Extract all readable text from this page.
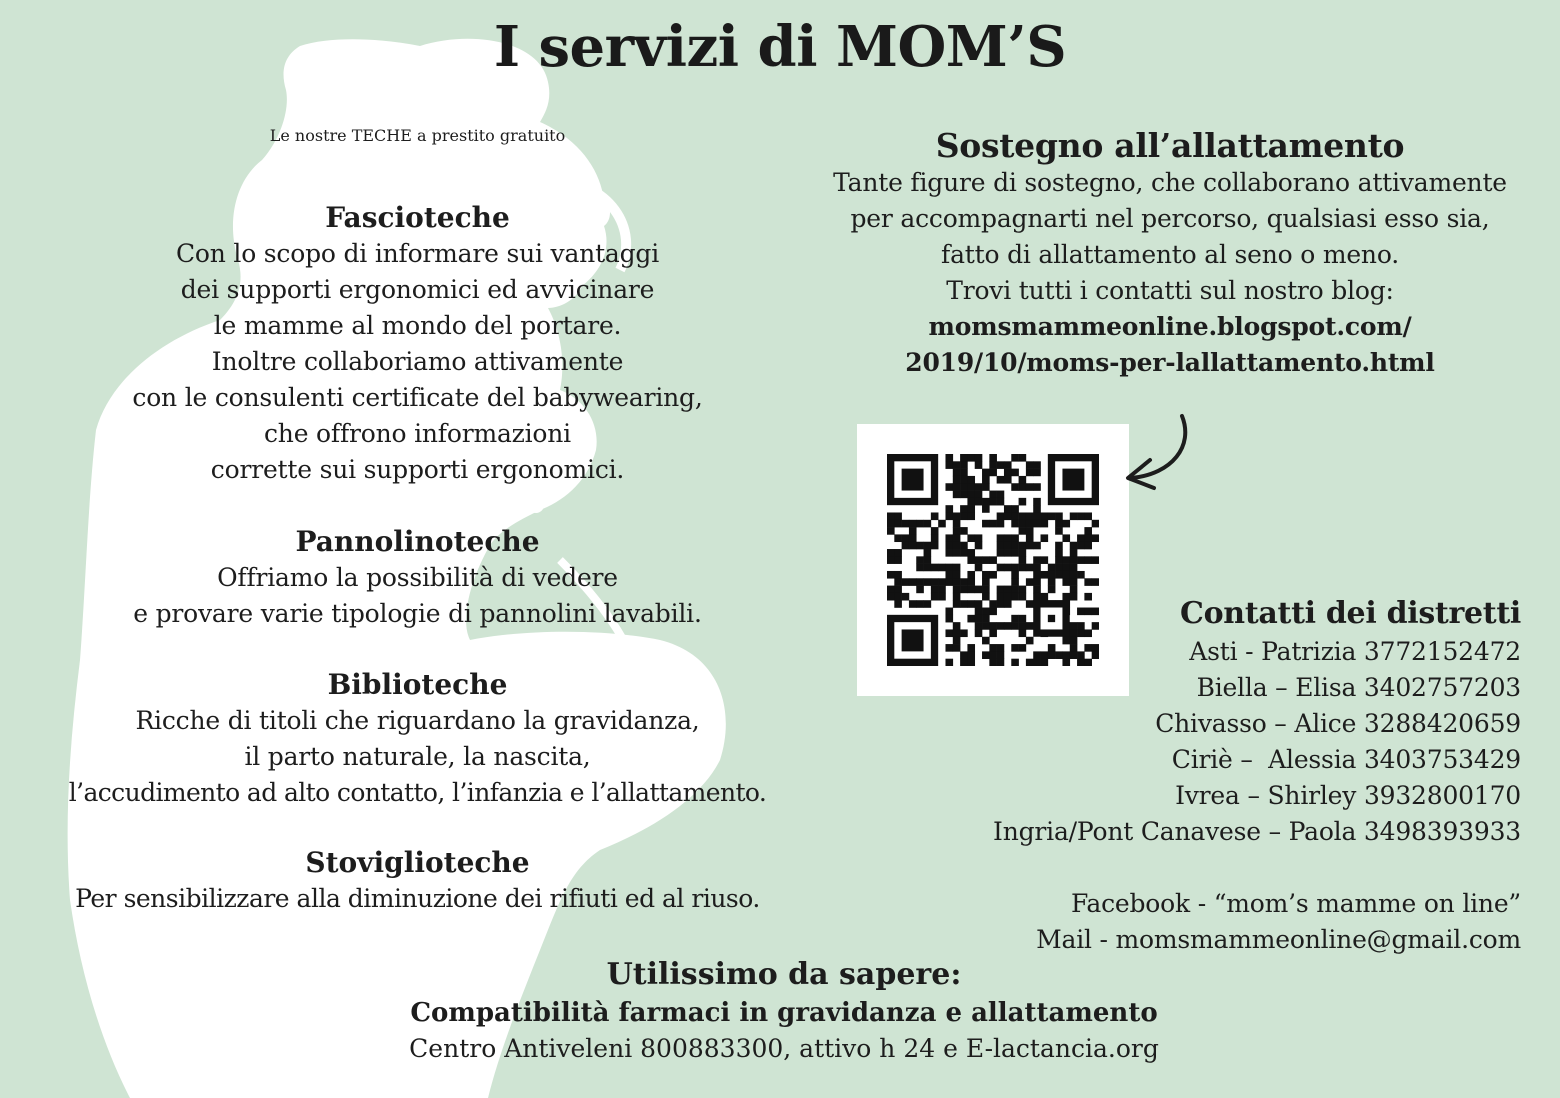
I servizi di MOM’S
Le nostre TECHE a prestito gratuito
Fascioteche
Con lo scopo di informare sui vantaggi
dei supporti ergonomici ed avvicinare
le mamme al mondo del portare.
Inoltre collaboriamo attivamente
con le consulenti certificate del babywearing,
che offrono informazioni
corrette sui supporti ergonomici.
Pannolinoteche
Offriamo la possibilità di vedere
e provare varie tipologie di pannolini lavabili.
Biblioteche
Ricche di titoli che riguardano la gravidanza,
il parto naturale, la nascita,
l’accudimento ad alto contatto, l’infanzia e l’allattamento.
Stoviglioteche
Per sensibilizzare alla diminuzione dei rifiuti ed al riuso.
Sostegno all’allattamento
Tante figure di sostegno, che collaborano attivamente
per accompagnarti nel percorso, qualsiasi esso sia,
fatto di allattamento al seno o meno.
Trovi tutti i contatti sul nostro blog:
momsmammeonline.blogspot.com/
2019/10/moms-per-lallattamento.html
Contatti dei distretti
Asti - Patrizia 3772152472
Biella – Elisa 3402757203
Chivasso – Alice 3288420659
Ciriè –  Alessia 3403753429
Ivrea – Shirley 3932800170
Ingria/Pont Canavese – Paola 3498393933
Facebook - “mom’s mamme on line”
Mail - momsmammeonline@gmail.com
Utilissimo da sapere:
Compatibilità farmaci in gravidanza e allattamento
Centro Antiveleni 800883300, attivo h 24 e E-lactancia.org
